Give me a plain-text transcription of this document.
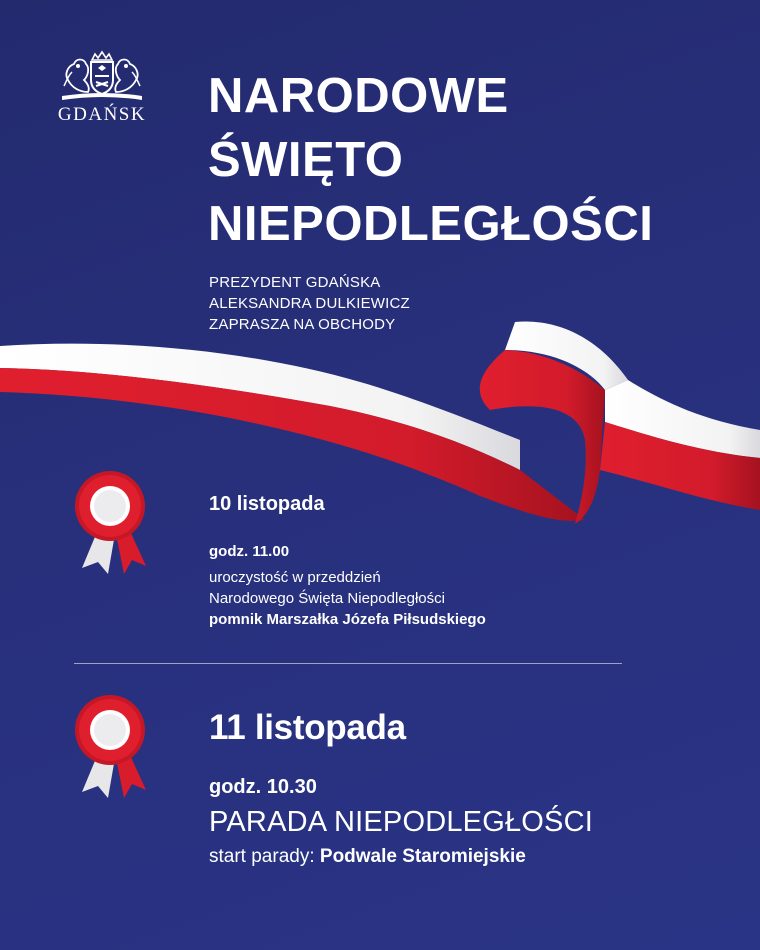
GDAŃSK NARODOWE
ŚWIĘTO
NIEPODLEGŁOŚCI
PREZYDENT GDAŃSKA
ALEKSANDRA DULKIEWICZ
ZAPRASZA NA OBCHODY
10 listopada
godz. 11.00
uroczystość w przeddzień
Narodowego Święta Niepodległości
pomnik Marszałka Józefa Piłsudskiego
11 listopada
godz. 10.30
PARADA NIEPODLEGŁOŚCI
start parady: Podwale Staromiejskie
